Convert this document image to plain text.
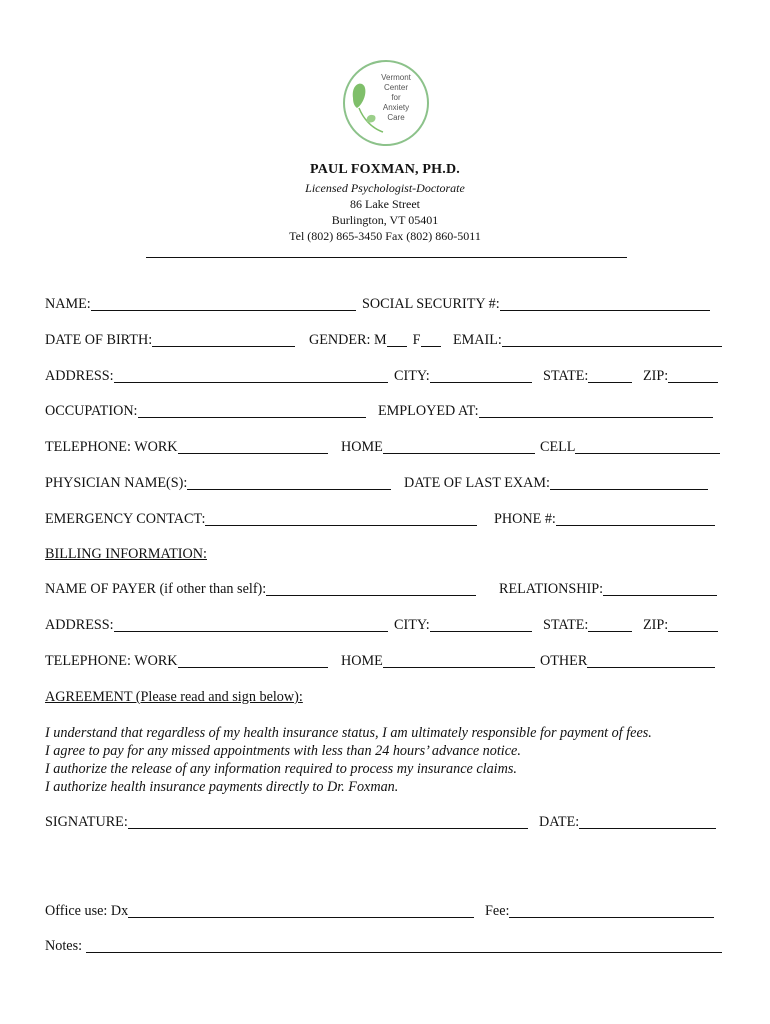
Vermont
Center
for
Anxiety
Care
PAUL FOXMAN, PH.D.
Licensed Psychologist-Doctorate
86 Lake Street
Burlington, VT 05401
Tel (802) 865-3450 Fax (802) 860-5011
NAME:	SOCIAL SECURITY #:
DATE OF BIRTH:	GENDER: M F EMAIL:
ADDRESS:	CITY:	STATE:	ZIP:
OCCUPATION:	EMPLOYED AT:
TELEPHONE: WORK	HOME	CELL
PHYSICIAN NAME(S):	DATE OF LAST EXAM:
EMERGENCY CONTACT:	PHONE #:
BILLING INFORMATION:
NAME OF PAYER (if other than self):	RELATIONSHIP:
ADDRESS:	CITY:	STATE:	ZIP:
TELEPHONE: WORK	HOME	OTHER
AGREEMENT (Please read and sign below):
I understand that regardless of my health insurance status, I am ultimately responsible for payment of fees.
I agree to pay for any missed appointments with less than 24 hours’ advance notice.
I authorize the release of any information required to process my insurance claims.
I authorize health insurance payments directly to Dr. Foxman.
SIGNATURE:	DATE:
Office use: Dx	Fee:
Notes:
